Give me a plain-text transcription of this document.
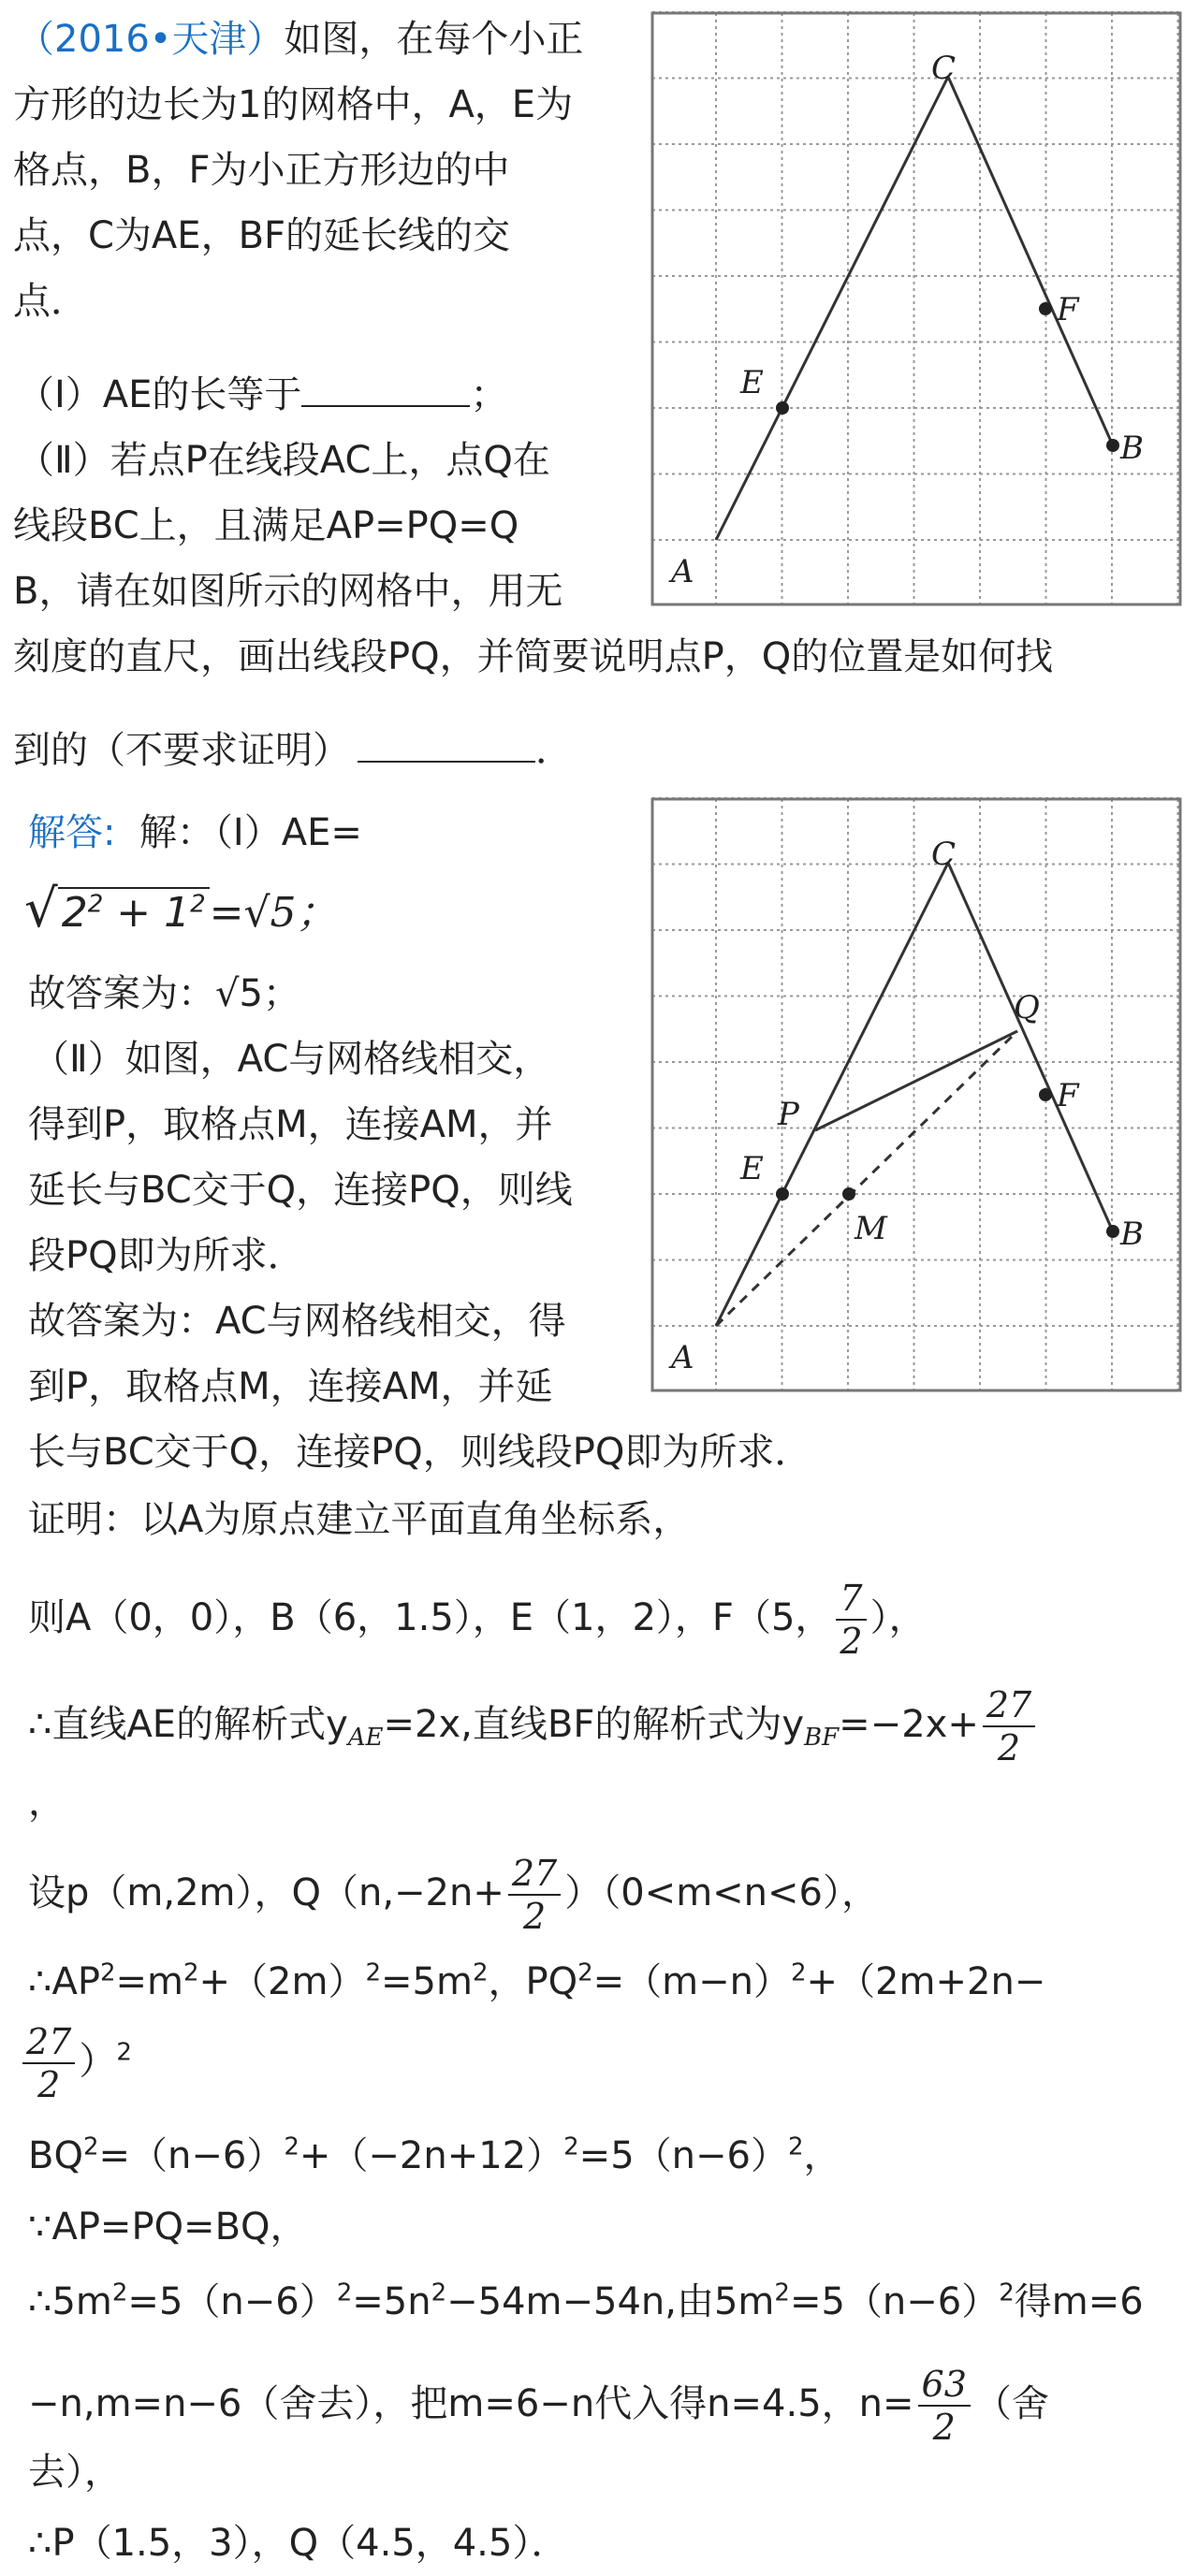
（2016•天津）如图，在每个小正
方形的边长为1的网格中，A，E为
格点，B，F为小正方形边的中
点，C为AE，BF的延长线的交
点．
（Ⅰ）AE的长等于	；
（Ⅱ）若点P在线段AC上，点Q在
线段BC上，且满足AP=PQ=Q
B，请在如图所示的网格中，用无
刻度的直尺，画出线段PQ，并简要说明点P，Q的位置是如何找
到的（不要求证明）	．
A
C
E
F
B
解答: 解：（Ⅰ）AE=
$√2^2 + 1^2=√5$；
故答案为：√5；
（Ⅱ）如图，AC与网格线相交，
得到P，取格点M，连接AM，并
延长与BC交于Q，连接PQ，则线
段PQ即为所求．
故答案为：AC与网格线相交，得
到P，取格点M，连接AM，并延
长与BC交于Q，连接PQ，则线段PQ即为所求．
证明：以A为原点建立平面直角坐标系，
则A（0，0），B（6，1.5），E（1，2），F（5， $\frac{7}{2}$ ），
∴直线AE的解析式$y_{AE}=2x$,直线BF的解析式为$y_{BF}=-2x+ \frac{27}{2}$
，
设p（m,2m），$Q(n,-2n+ \frac{27}{2} )(0<m<n<6)$，
$\therefore AP^2=m^2+(2m)^2=5m^2$，$PQ^2=(m-n)^2+(2m+2n-$
$\frac{27}{2} )^2$
$BQ^2=(n-6)^2+(-2n+12)^2=5(n-6)^2$，
∵AP=PQ=BQ，
$\therefore 5m^2=5(n-6)^2=5n^2-54m-54n$,由$5m^2=5(n-6)^2$得m=6
−n,m=n−6（舍去），把m=6−n代入得n=4.5，$n= \frac{63}{2}$ （舍
去），
∴P（1.5，3），Q（4.5，4.5）．
A
C
E
P
M
Q
F
B
